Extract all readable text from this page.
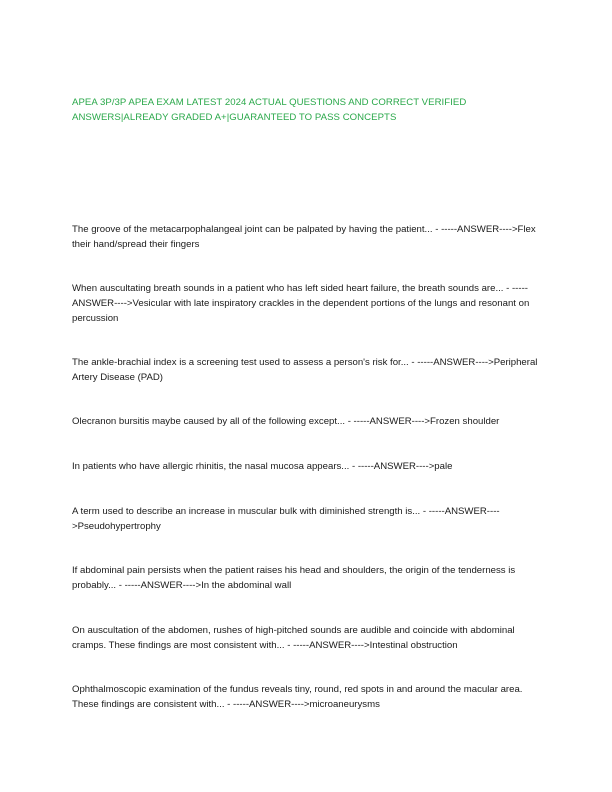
APEA 3P/3P APEA EXAM LATEST 2024 ACTUAL QUESTIONS AND CORRECT VERIFIED ANSWERS|ALREADY GRADED A+|GUARANTEED TO PASS CONCEPTS

The groove of the metacarpophalangeal joint can be palpated by having the patient... - -----ANSWER---->Flex their hand/spread their fingers

When auscultating breath sounds in a patient who has left sided heart failure, the breath sounds are... - -----ANSWER---->Vesicular with late inspiratory crackles in the dependent portions of the lungs and resonant on percussion

The ankle-brachial index is a screening test used to assess a person's risk for... - -----ANSWER---->Peripheral Artery Disease (PAD)

Olecranon bursitis maybe caused by all of the following except... - -----ANSWER---->Frozen shoulder

In patients who have allergic rhinitis, the nasal mucosa appears... - -----ANSWER---->pale

A term used to describe an increase in muscular bulk with diminished strength is... - -----ANSWER---->Pseudohypertrophy

If abdominal pain persists when the patient raises his head and shoulders, the origin of the tenderness is probably... - -----ANSWER---->In the abdominal wall

On auscultation of the abdomen, rushes of high-pitched sounds are audible and coincide with abdominal cramps. These findings are most consistent with... - -----ANSWER---->Intestinal obstruction

Ophthalmoscopic examination of the fundus reveals tiny, round, red spots in and around the macular area. These findings are consistent with... - -----ANSWER---->microaneurysms
